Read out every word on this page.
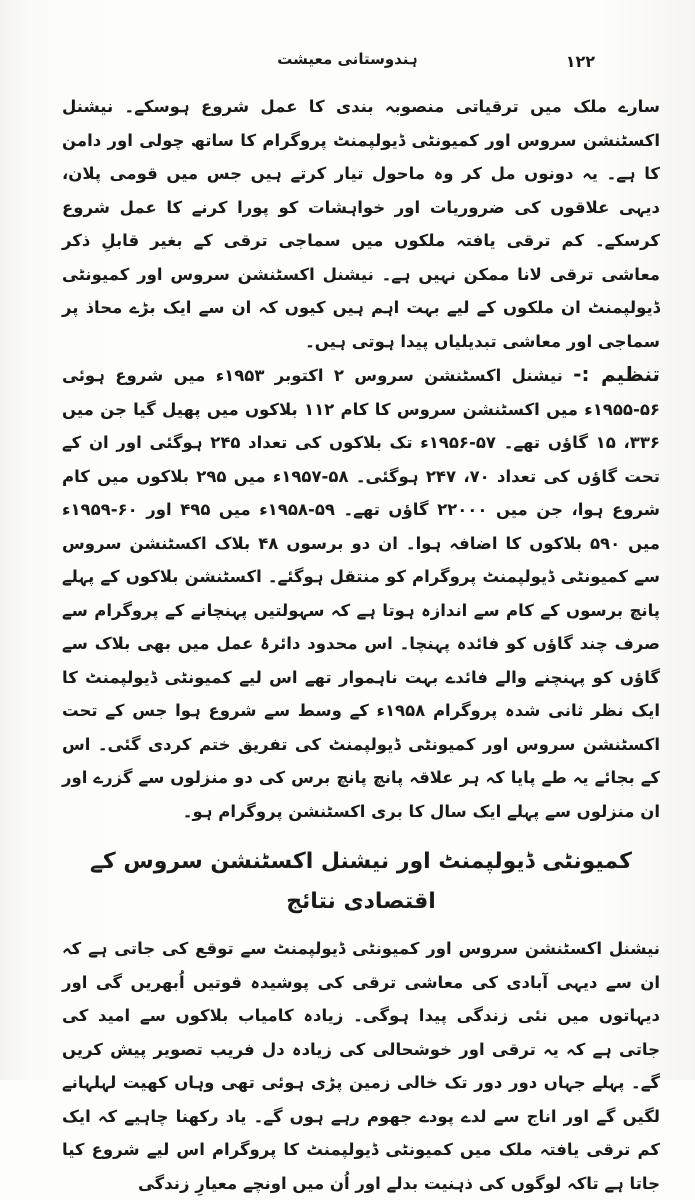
۱۲۲
ہندوستانی معیشت

سارے ملک میں ترقیاتی منصوبہ بندی کا عمل شروع ہوسکے۔ نیشنل اکسٹنشن سروس اور کمیونٹی ڈیولپمنٹ پروگرام کا ساتھ چولی اور دامن کا ہے۔ یہ دونوں مل کر وہ ماحول تیار کرتے ہیں جس میں قومی پلان، دیہی علاقوں کی ضروریات اور خواہشات کو پورا کرنے کا عمل شروع کرسکے۔ کم ترقی یافتہ ملکوں میں سماجی ترقی کے بغیر قابلِ ذکر معاشی ترقی لانا ممکن نہیں ہے۔ نیشنل اکسٹنشن سروس اور کمیونٹی ڈیولپمنٹ ان ملکوں کے لیے بہت اہم ہیں کیوں کہ ان سے ایک بڑے محاذ پر سماجی اور معاشی تبدیلیاں پیدا ہوتی ہیں۔

تنظیم :- نیشنل اکسٹنشن سروس ۲ اکتوبر ۱۹۵۳ء میں شروع ہوئی ۵۶-۱۹۵۵ء میں اکسٹنشن سروس کا کام ۱۱۲ بلاکوں میں پھیل گیا جن میں ۳۳۶، ۱۵ گاؤں تھے۔ ۵۷-۱۹۵۶ء تک بلاکوں کی تعداد ۲۴۵ ہوگئی اور ان کے تحت گاؤں کی تعداد ۷۰، ۲۴۷ ہوگئی۔ ۵۸-۱۹۵۷ء میں ۲۹۵ بلاکوں میں کام شروع ہوا، جن میں ۲۲۰۰۰ گاؤں تھے۔ ۵۹-۱۹۵۸ء میں ۴۹۵ اور ۶۰-۱۹۵۹ء میں ۵۹۰ بلاکوں کا اضافہ ہوا۔ ان دو برسوں ۴۸ بلاک اکسٹنشن سروس سے کمیونٹی ڈیولپمنٹ پروگرام کو منتقل ہوگئے۔ اکسٹنشن بلاکوں کے پہلے پانچ برسوں کے کام سے اندازہ ہوتا ہے کہ سہولتیں پہنچانے کے پروگرام سے صرف چند گاؤں کو فائدہ پہنچا۔ اس محدود دائرۂ عمل میں بھی بلاک سے گاؤں کو پہنچنے والے فائدے بہت ناہموار تھے اس لیے کمیونٹی ڈیولپمنٹ کا ایک نظر ثانی شدہ پروگرام ۱۹۵۸ء کے وسط سے شروع ہوا جس کے تحت اکسٹنشن سروس اور کمیونٹی ڈیولپمنٹ کی تفریق ختم کردی گئی۔ اس کے بجائے یہ طے پایا کہ ہر علاقہ پانچ پانچ برس کی دو منزلوں سے گزرے اور ان منزلوں سے پہلے ایک سال کا بری اکسٹنشن پروگرام ہو۔

کمیونٹی ڈیولپمنٹ اور نیشنل اکسٹنشن سروس کے اقتصادی نتائج

نیشنل اکسٹنشن سروس اور کمیونٹی ڈیولپمنٹ سے توقع کی جاتی ہے کہ ان سے دیہی آبادی کی معاشی ترقی کی پوشیدہ قوتیں اُبھریں گی اور دیہاتوں میں نئی زندگی پیدا ہوگی۔ زیادہ کامیاب بلاکوں سے امید کی جاتی ہے کہ یہ ترقی اور خوشحالی کی زیادہ دل فریب تصویر پیش کریں گے۔ پہلے جہاں دور دور تک خالی زمین پڑی ہوئی تھی وہاں کھیت لہلہانے لگیں گے اور اناج سے لدے پودے جھوم رہے ہوں گے۔ یاد رکھنا چاہیے کہ ایک کم ترقی یافتہ ملک میں کمیونٹی ڈیولپمنٹ کا پروگرام اس لیے شروع کیا جاتا ہے تاکہ لوگوں کی ذہنیت بدلے اور اُن میں اونچے معیارِ زندگی
